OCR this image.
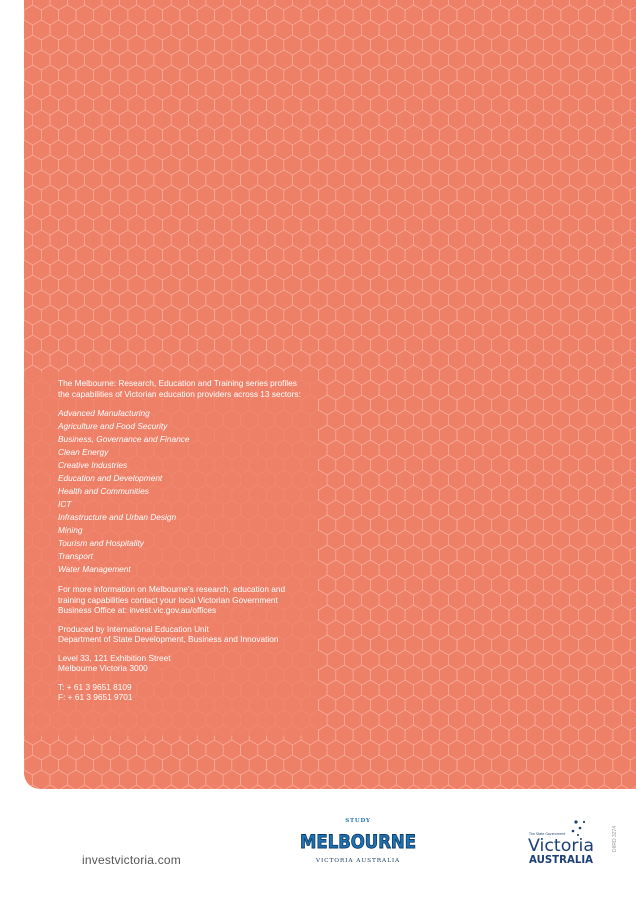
The Melbourne: Research, Education and Training series profiles the capabilities of Victorian education providers across 13 sectors:

Advanced Manufacturing
Agriculture and Food Security
Business, Governance and Finance
Clean Energy
Creative Industries
Education and Development
Health and Communities
ICT
Infrastructure and Urban Design
Mining
Tourism and Hospitality
Transport
Water Management

For more information on Melbourne's research, education and training capabilities contact your local Victorian Government Business Office at: invest.vic.gov.au/offices

Produced by International Education Unit
Department of State Development, Business and Innovation

Level 33, 121 Exhibition Street
Melbourne Victoria 3000

T: + 61 3 9651 8109
F: + 61 3 9651 9701

investvictoria.com
STUDY
MELBOURNE
VICTORIA AUSTRALIA
The State Government
Victoria
AUSTRALIA
DIIRD 3274
